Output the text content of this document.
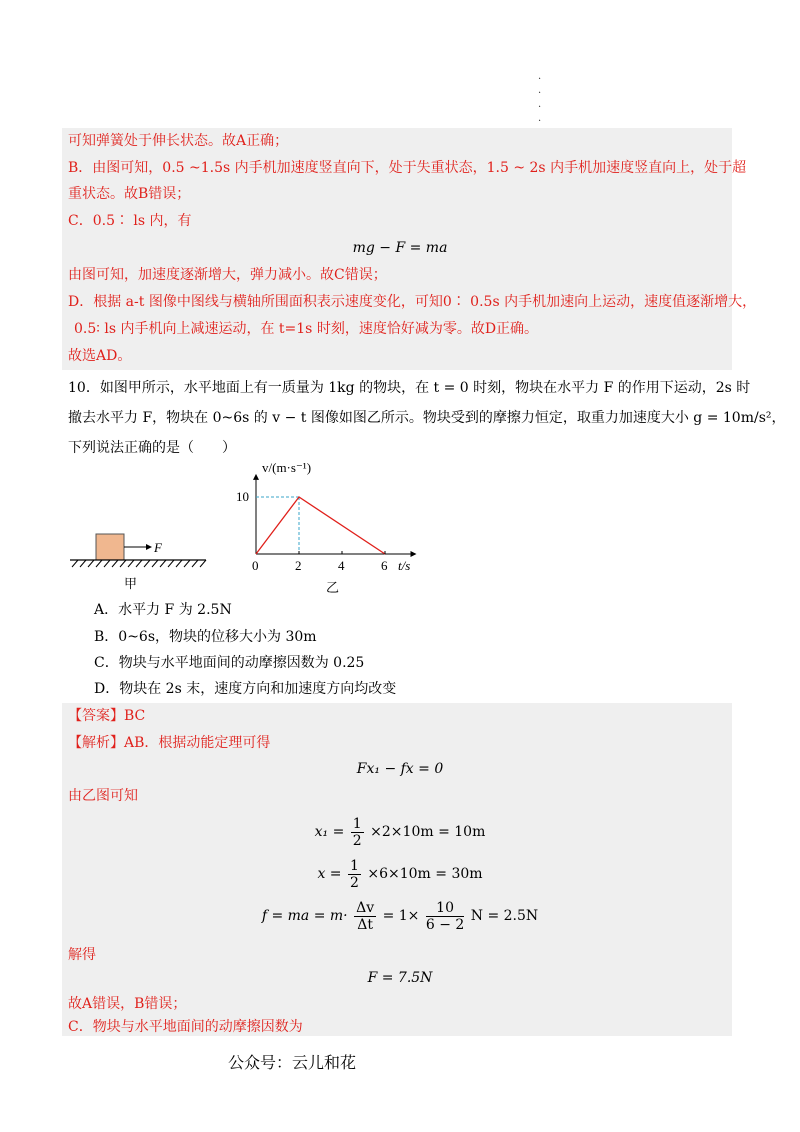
.
.
.
.
可知弹簧处于伸长状态。故A正确；
B．由图可知，0.5 ~1.5s 内手机加速度竖直向下，处于失重状态，1.5 ~ 2s 内手机加速度竖直向上，处于超
重状态。故B错误；
C．0.5∶ ls 内，有
mg − F = ma
由图可知，加速度逐渐增大，弹力减小。故C错误；
D．根据 a-t 图像中图线与横轴所围面积表示速度变化，可知0∶ 0.5s 内手机加速向上运动，速度值逐渐增大，
0.5∶ ls 内手机向上减速运动，在 t=1s 时刻，速度恰好减为零。故D正确。
故选AD。
10．如图甲所示，水平地面上有一质量为 1kg 的物块，在 t = 0 时刻，物块在水平力 F 的作用下运动，2s 时
撤去水平力 F，物块在 0~6s 的 v − t 图像如图乙所示。物块受到的摩擦力恒定，取重力加速度大小 g = 10m/s²，
下列说法正确的是（　　）
F
甲
v/(m·s⁻¹)
t/s
乙
0	2	4	6
10
A．水平力 F 为 2.5N
B．0~6s，物块的位移大小为 30m
C．物块与水平地面间的动摩擦因数为 0.25
D．物块在 2s 末，速度方向和加速度方向均改变
【答案】BC
【解析】AB．根据动能定理可得
Fx₁ − fx = 0
由乙图可知
$x_1 = \frac{1}{2} \times 2\times 10m = 10m$
$x = \frac{1}{2} \times 6\times 10m = 30m$
f = ma = $m\cdot \frac{\Delta v}{\Delta t} = 1\times \frac{10}{6 - 2}$ N = 2.5N
解得
F = 7.5N
故A错误，B错误；
C．物块与水平地面间的动摩擦因数为
公众号：云儿和花
